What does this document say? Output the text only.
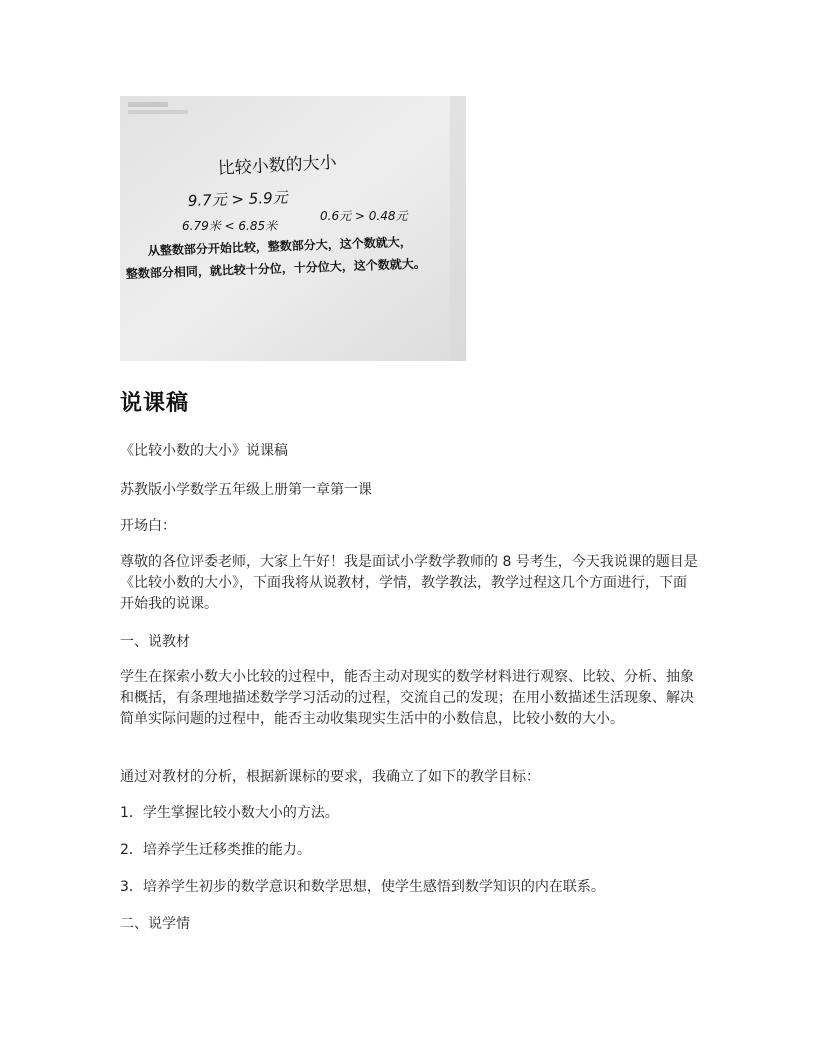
比较小数的大小
9.7元 > 5.9元
6.79米 < 6.85米
0.6元 > 0.48元
从整数部分开始比较，整数部分大，这个数就大，
整数部分相同，就比较十分位，十分位大，这个数就大。
说课稿

《比较小数的大小》说课稿

苏教版小学数学五年级上册第一章第一课

开场白：

尊敬的各位评委老师，大家上午好！我是面试小学数学教师的 8 号考生，今天我说课的题目是《比较小数的大小》，下面我将从说教材，学情，教学教法，教学过程这几个方面进行，下面开始我的说课。

一、说教材

学生在探索小数大小比较的过程中，能否主动对现实的数学材料进行观察、比较、分析、抽象和概括，有条理地描述数学学习活动的过程，交流自己的发现；在用小数描述生活现象、解决简单实际问题的过程中，能否主动收集现实生活中的小数信息，比较小数的大小。

通过对教材的分析，根据新课标的要求，我确立了如下的教学目标：

1．学生掌握比较小数大小的方法。

2．培养学生迁移类推的能力。

3．培养学生初步的数学意识和数学思想，使学生感悟到数学知识的内在联系。

二、说学情
